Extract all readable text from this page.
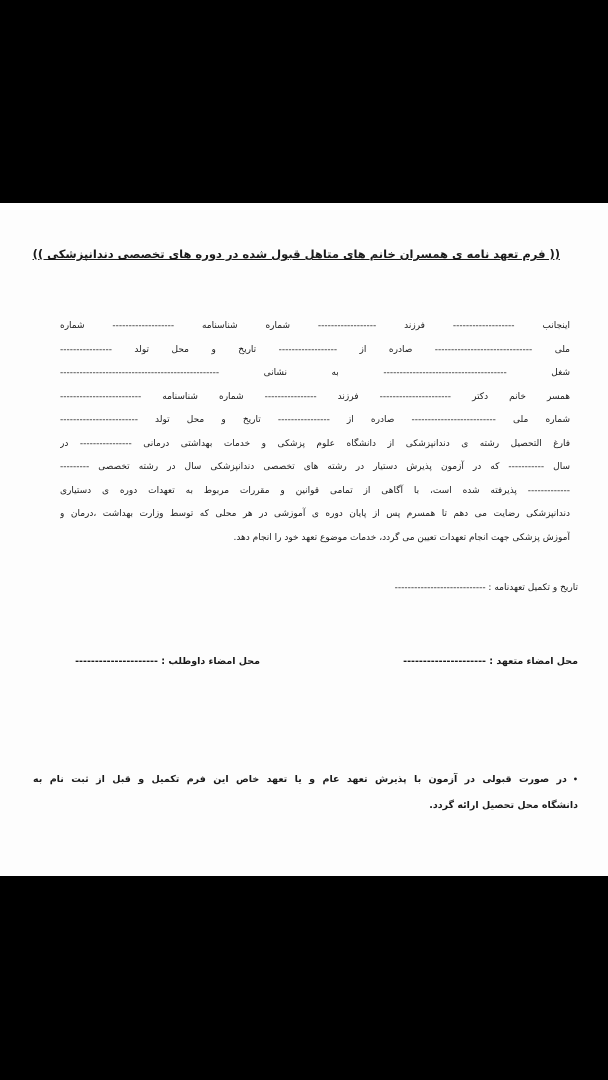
(( فرم تعهد نامه ی همسران خانم های متاهل قبول شده در دوره های تخصصی دندانپزشکی ))
اینجانب ------------------- فرزند ------------------ شماره شناسنامه ------------------- شماره
ملی ------------------------------ صادره از ------------------ تاریخ و محل تولد ----------------
شغل -------------------------------------- به نشانی -------------------------------------------------
همسر خانم دکتر ---------------------- فرزند ---------------- شماره شناسنامه -------------------------
شماره ملی -------------------------- صادره از ---------------- تاریخ و محل تولد ------------------------
فارغ التحصیل رشته ی دندانپزشکی از دانشگاه علوم پزشکی و خدمات بهداشتی درمانی ---------------- در
سال ----------- که در آزمون پذیرش دستیار در رشته های تخصصی دندانپزشکی سال در رشته تخصصی ---------
------------- پذیرفته شده است، با آگاهی از تمامی قوانین و مقررات مربوط به تعهدات دوره ی دستیاری
دندانپزشکی رضایت می دهم تا همسرم پس از پایان دوره ی آموزشی در هر محلی که توسط وزارت بهداشت ،درمان و
آموزش پزشکی جهت انجام تعهدات تعیین می گردد، خدمات موضوع تعهد خود را انجام دهد.
تاریخ و تکمیل تعهدنامه : ----------------------------
محل امضاء متعهد : ---------------------
محل امضاء داوطلب : ---------------------
•در صورت قبولی در آزمون با پذیرش تعهد عام و یا تعهد خاص این فرم تکمیل و قبل از ثبت نام به
دانشگاه محل تحصیل ارائه گردد.
